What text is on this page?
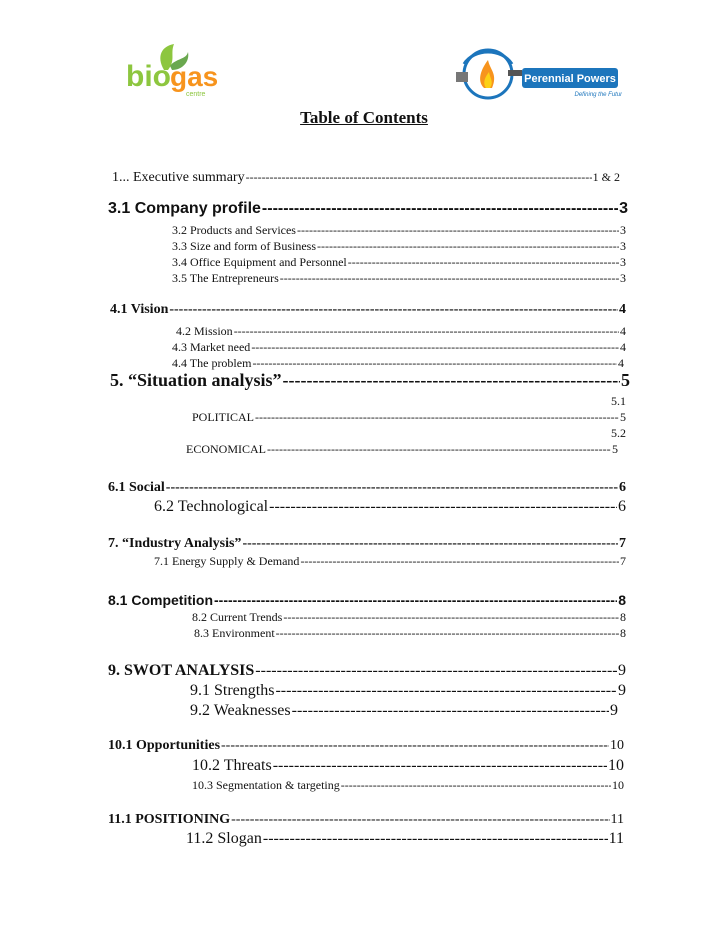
bio gas
centre
Perennial Powers
Defining the Future
Table of Contents
1... Executive summary -----	1 & 2
3.1 Company profile -----	3
3.2 Products and Services -----	3
3.3 Size and form of Business -----	3
3.4 Office Equipment and Personnel -----	3
3.5 The Entrepreneurs -----	3
4.1 Vision -----	4
4.2 Mission -----	4
4.3 Market need -----	4
4.4 The problem -----	4
5. “Situation analysis” -----	5
5.1
POLITICAL -----	5
5.2
ECONOMICAL -----	5
6.1 Social -----	6
6.2 Technological -----	6
7. “Industry Analysis” -----	7
7.1 Energy Supply & Demand -----	7
8.1 Competition -----	8
8.2 Current Trends -----	8
8.3 Environment -----	8
9. SWOT ANALYSIS -----	9
9.1 Strengths -----	9
9.2 Weaknesses -----	9
10.1 Opportunities -----	10
10.2 Threats -----	10
10.3 Segmentation & targeting -----	10
11.1 POSITIONING -----	11
11.2 Slogan -----	11
